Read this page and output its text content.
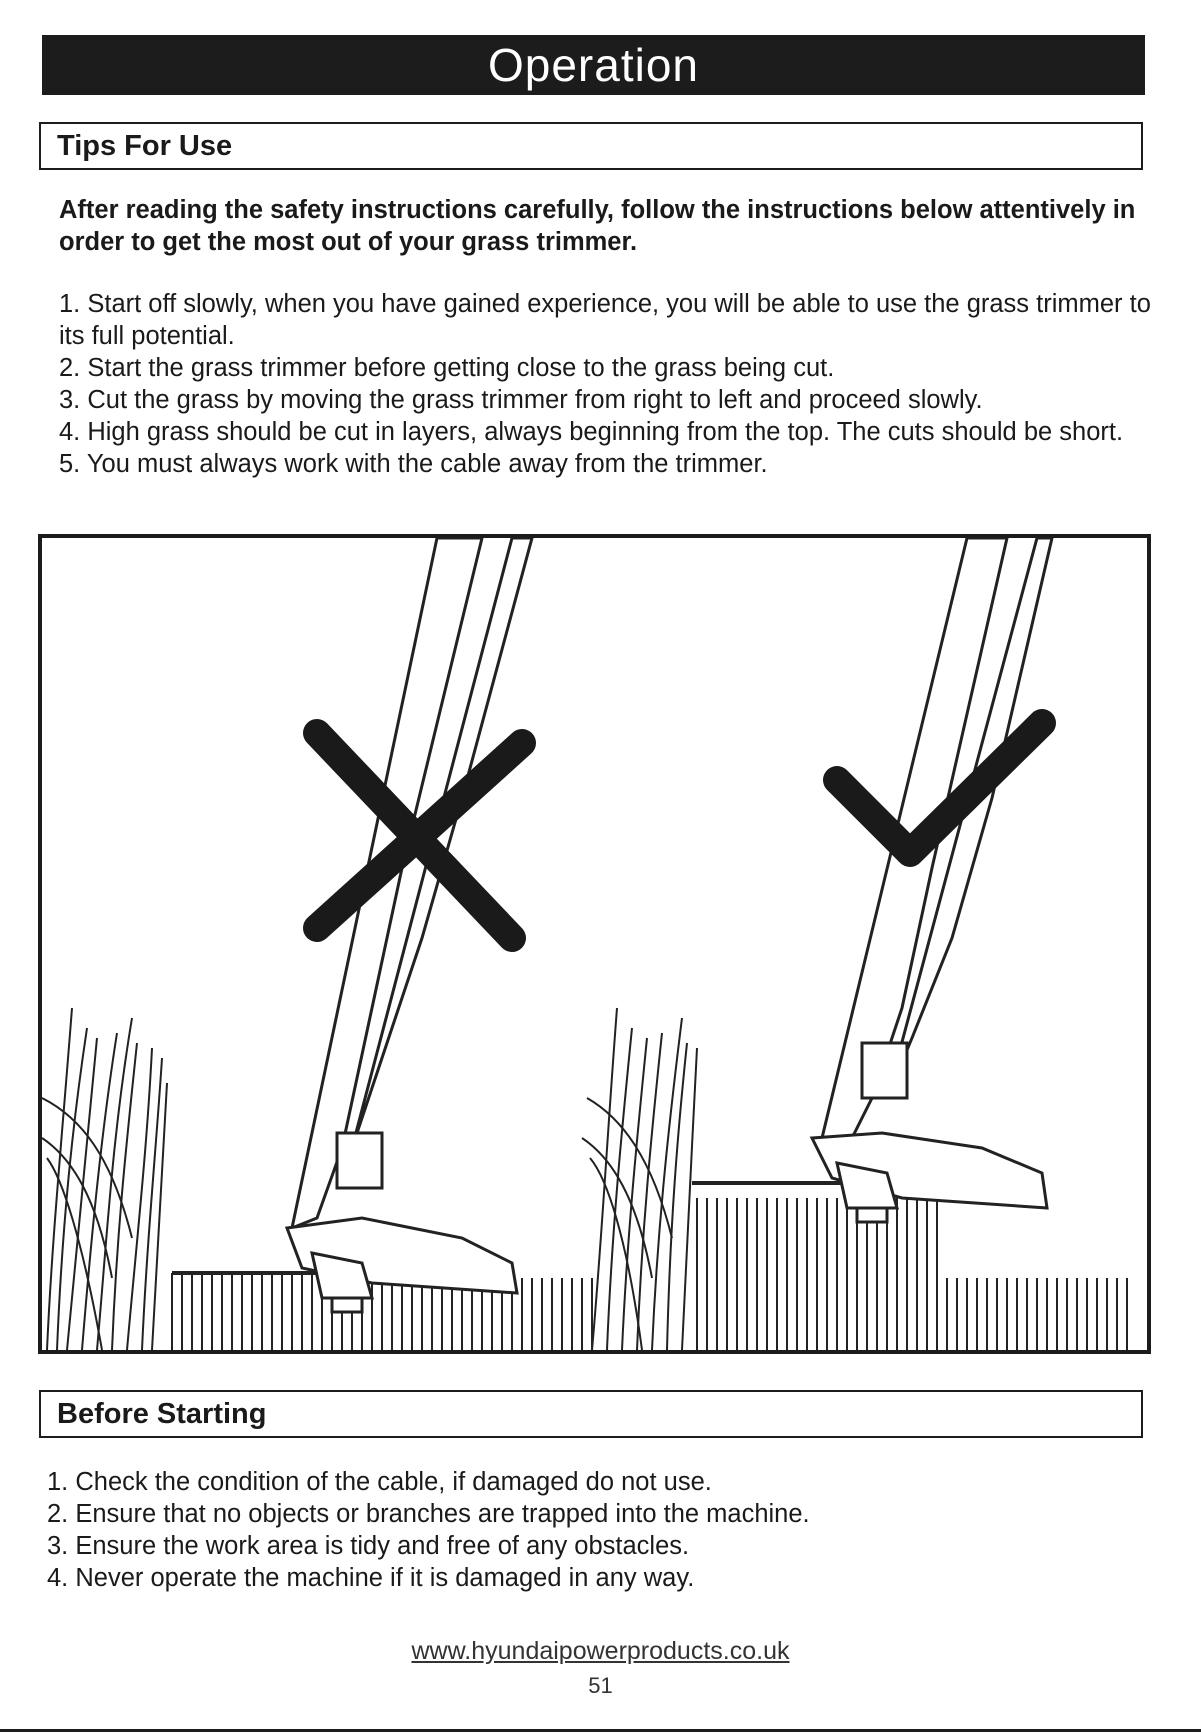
Operation
Tips For Use
After reading the safety instructions carefully, follow the instructions below attentively in order to get the most out of your grass trimmer.
1. Start off slowly, when you have gained experience, you will be able to use the grass trimmer to its full potential.
2. Start the grass trimmer before getting close to the grass being cut.
3. Cut the grass by moving the grass trimmer from right to left and proceed slowly.
4. High grass should be cut in layers, always beginning from the top. The cuts should be short.
5. You must always work with the cable away from the trimmer.
Before Starting
1. Check the condition of the cable, if damaged do not use.
2. Ensure that no objects or branches are trapped into the machine.
3. Ensure the work area is tidy and free of any obstacles.
4. Never operate the machine if it is damaged in any way.
www.hyundaipowerproducts.co.uk
51
